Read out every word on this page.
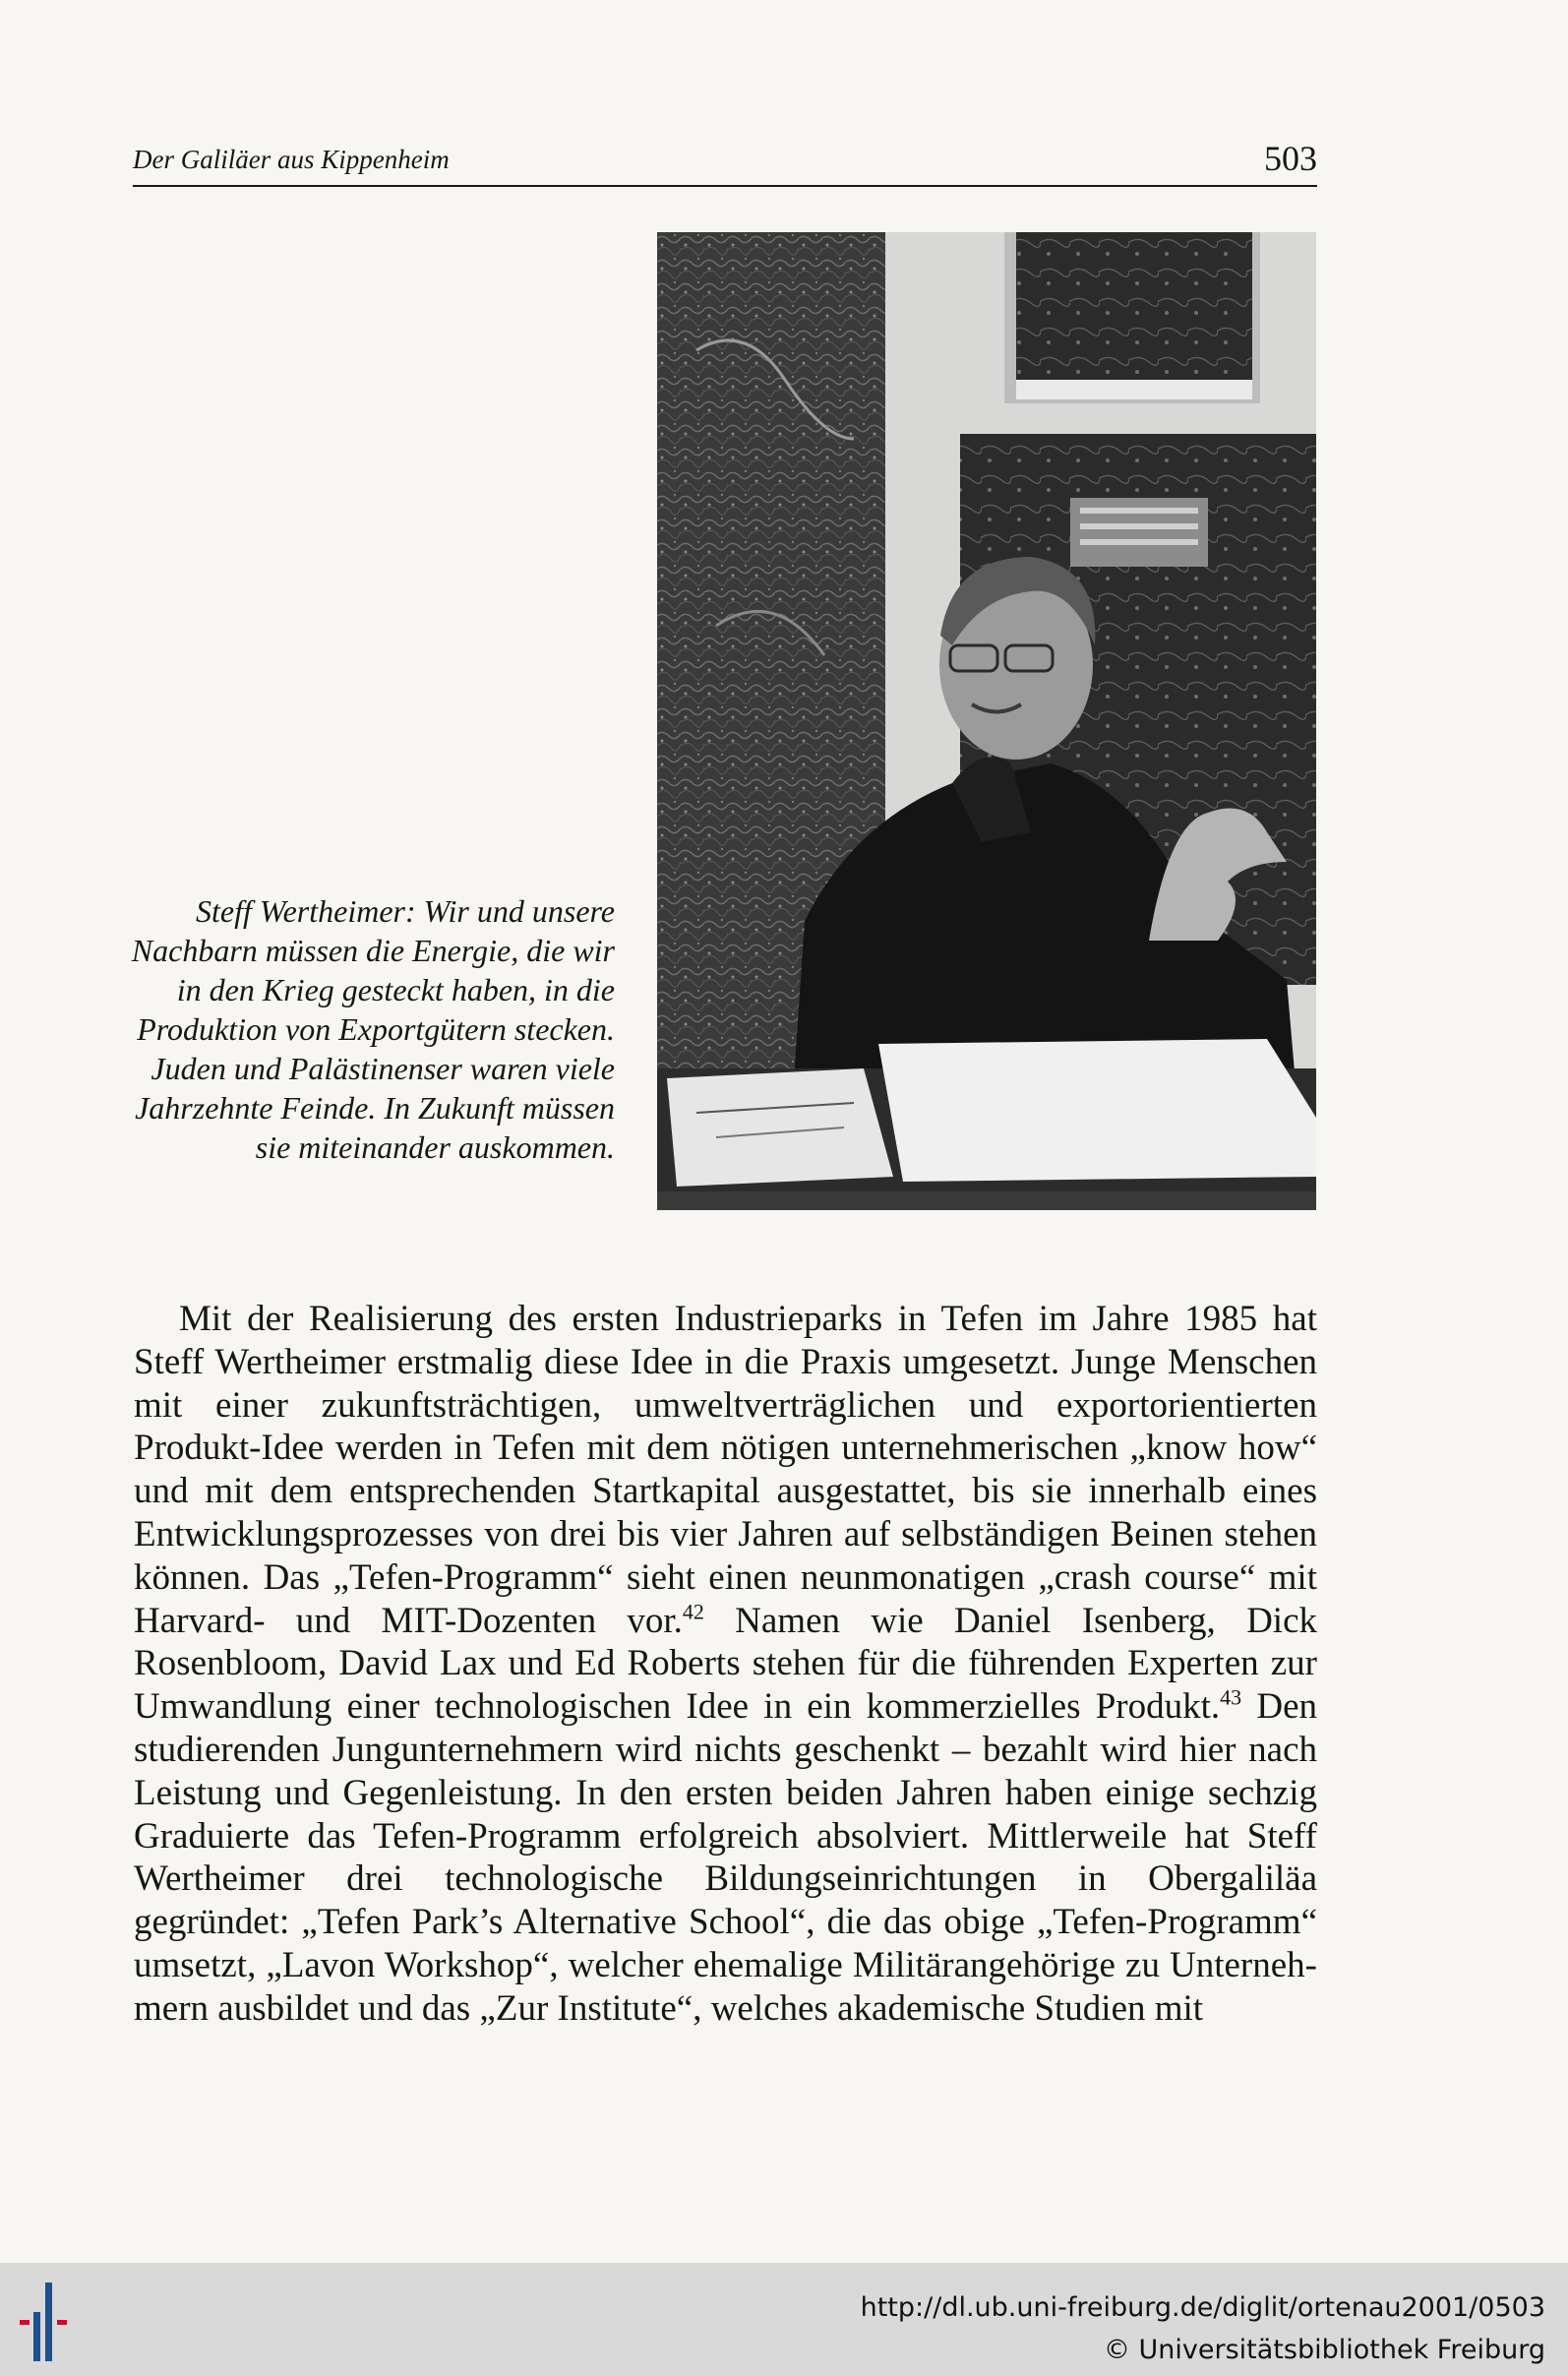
Der Galiläer aus Kippenheim	503
Steff Wertheimer: Wir und unsere Nachbarn müssen die Energie, die wir in den Krieg gesteckt haben, in die Produktion von Exportgütern stecken. Juden und Palästinenser waren viele Jahrzehnte Feinde. In Zukunft müssen sie miteinander auskommen.

Mit der Realisierung des ersten Industrieparks in Tefen im Jahre 1985 hat Steff Wertheimer erstmalig diese Idee in die Praxis umgesetzt. Junge Menschen mit einer zukunftsträchtigen, umweltverträglichen und exportorientierten Produkt-Idee werden in Tefen mit dem nötigen unternehmerischen „know how“ und mit dem entsprechenden Startkapital ausgestattet, bis sie innerhalb eines Entwicklungsprozesses von drei bis vier Jahren auf selbständigen Beinen stehen können. Das „Tefen-Programm“ sieht einen neunmonatigen „crash course“ mit Harvard- und MIT-Dozenten vor.$^{42}$ Namen wie Daniel Isenberg, Dick Rosenbloom, David Lax und Ed Roberts stehen für die führenden Experten zur Umwandlung einer technologischen Idee in ein kommerzielles Produkt.$^{43}$ Den studierenden Jungunternehmern wird nichts geschenkt – bezahlt wird hier nach Leistung und Gegenleistung. In den ersten beiden Jahren haben einige sechzig Graduierte das Tefen-Programm erfolgreich absolviert. Mittlerweile hat Steff Wertheimer drei technologische Bildungseinrichtungen in Obergaliläa gegründet: „Tefen Park’s Alternative School“, die das obige „Tefen-Programm“ umsetzt, „Lavon Workshop“, welcher ehemalige Militärangehörige zu Unternehmern ausbildet und das „Zur Institute“, welches akademische Studien mit

http://dl.ub.uni-freiburg.de/diglit/ortenau2001/0503
© Universitätsbibliothek Freiburg
